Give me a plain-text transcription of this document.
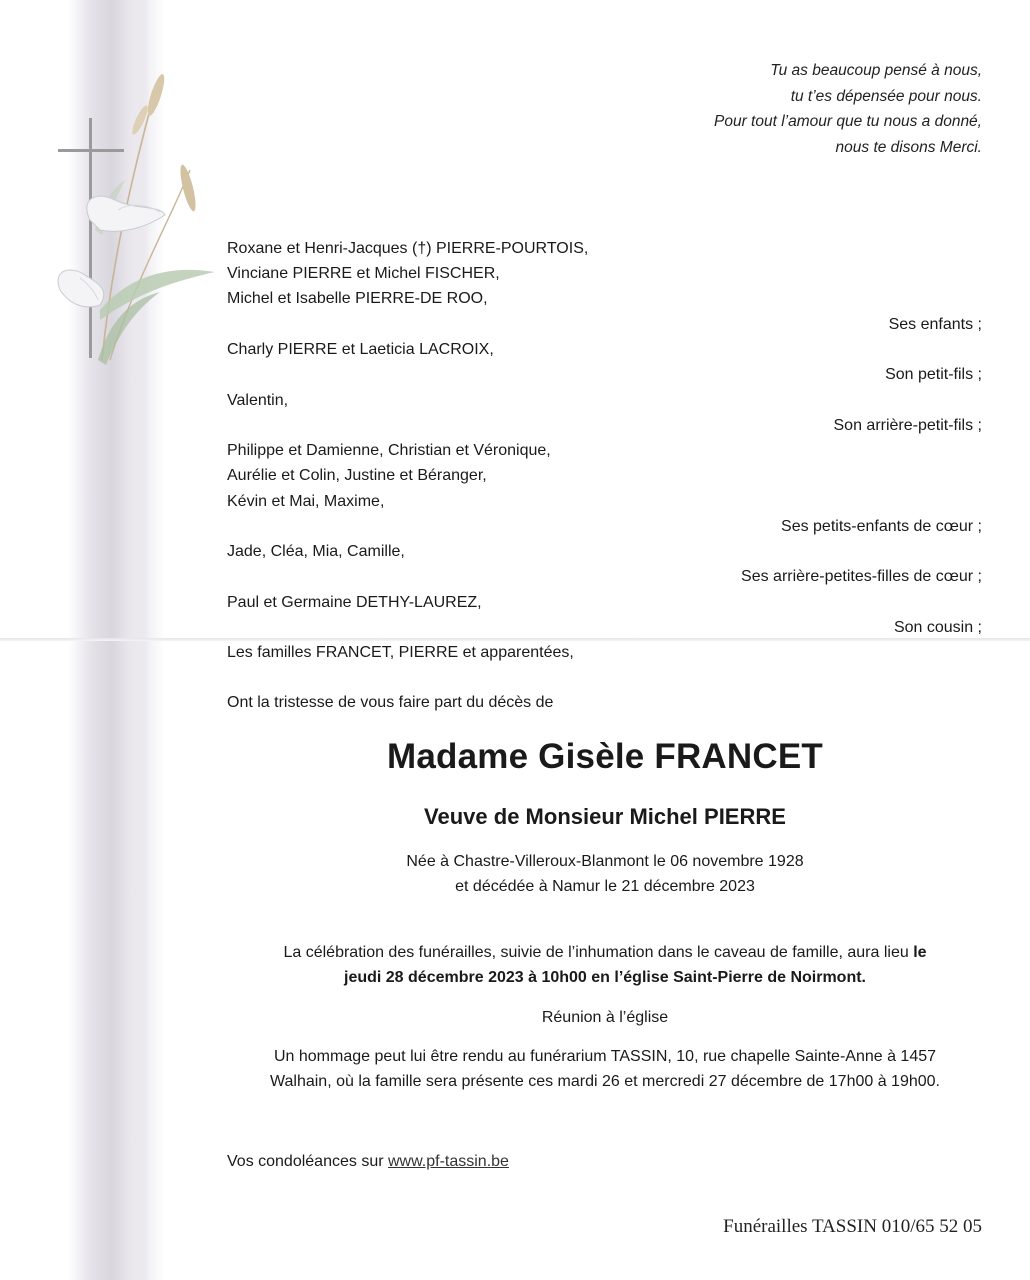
Tu as beaucoup pensé à nous,
tu t’es dépensée pour nous.
Pour tout l’amour que tu nous a donné,
nous te disons Merci.
Roxane et Henri-Jacques (†) PIERRE-POURTOIS,
Vinciane PIERRE et Michel FISCHER,
Michel et Isabelle PIERRE-DE ROO,
Ses enfants ;
Charly PIERRE et Laeticia LACROIX,
Son petit-fils ;
Valentin,
Son arrière-petit-fils ;
Philippe et Damienne, Christian et Véronique,
Aurélie et Colin, Justine et Béranger,
Kévin et Mai, Maxime,
Ses petits-enfants de cœur ;
Jade, Cléa, Mia, Camille,
Ses arrière-petites-filles de cœur ;
Paul et Germaine DETHY-LAUREZ,
Son cousin ;
Les familles FRANCET, PIERRE et apparentées,
Ont la tristesse de vous faire part du décès de
Madame Gisèle FRANCET
Veuve de Monsieur Michel PIERRE
Née à Chastre-Villeroux-Blanmont le 06 novembre 1928
et décédée à Namur le 21 décembre 2023
La célébration des funérailles, suivie de l’inhumation dans le caveau de famille, aura lieu le
jeudi 28 décembre 2023 à 10h00 en l’église Saint-Pierre de Noirmont.
Réunion à l’église
Un hommage peut lui être rendu au funérarium TASSIN, 10, rue chapelle Sainte-Anne à 1457
Walhain, où la famille sera présente ces mardi 26 et mercredi 27 décembre de 17h00 à 19h00.
Vos condoléances sur www.pf-tassin.be
Funérailles TASSIN 010/65 52 05
